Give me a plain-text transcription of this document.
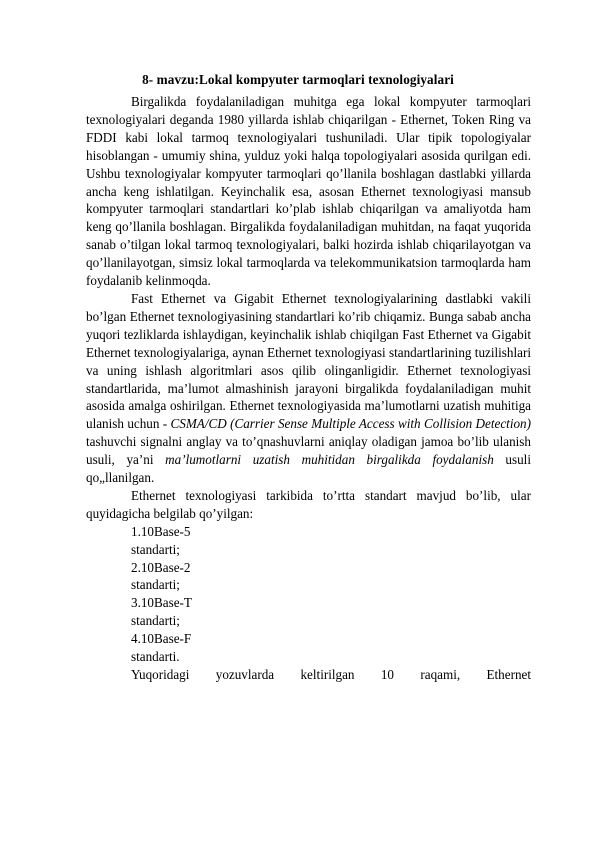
8- mavzu:Lokal kompyuter tarmoqlari texnologiyalari

Birgalikda foydalaniladigan muhitga ega lokal kompyuter tarmoqlari texnologiyalari deganda 1980 yillarda ishlab chiqarilgan - Ethernet, Token Ring va FDDI kabi lokal tarmoq texnologiyalari tushuniladi. Ular tipik topologiyalar hisoblangan - umumiy shina, yulduz yoki halqa topologiyalari asosida qurilgan edi. Ushbu texnologiyalar kompyuter tarmoqlari qo’llanila boshlagan dastlabki yillarda ancha keng ishlatilgan. Keyinchalik esa, asosan Ethernet texnologiyasi mansub kompyuter tarmoqlari standartlari ko’plab ishlab chiqarilgan va amaliyotda ham keng qo’llanila boshlagan. Birgalikda foydalaniladigan muhitdan, na faqat yuqorida sanab o’tilgan lokal tarmoq texnologiyalari, balki hozirda ishlab chiqarilayotgan va qo’llanilayotgan, simsiz lokal tarmoqlarda va telekommunikatsion tarmoqlarda ham foydalanib kelinmoqda.

Fast Ethernet va Gigabit Ethernet texnologiyalarining dastlabki vakili bo’lgan Ethernet texnologiyasining standartlari ko’rib chiqamiz. Bunga sabab ancha yuqori tezliklarda ishlaydigan, keyinchalik ishlab chiqilgan Fast Ethernet va Gigabit Ethernet texnologiyalariga, aynan Ethernet texnologiyasi standartlarining tuzilishlari va uning ishlash algoritmlari asos qilib olinganligidir. Ethernet texnologiyasi standartlarida, ma’lumot almashinish jarayoni birgalikda foydalaniladigan muhit asosida amalga oshirilgan. Ethernet texnologiyasida ma’lumotlarni uzatish muhitiga ulanish uchun - CSMA/CD (Carrier Sense Multiple Access with Collision Detection) tashuvchi signalni anglay va to’qnashuvlarni aniqlay oladigan jamoa bo’lib ulanish usuli, ya’ni ma’lumotlarni uzatish muhitidan birgalikda foydalanish usuli qo„llanilgan.

Ethernet texnologiyasi tarkibida to’rtta standart mavjud bo’lib, ular quyidagicha belgilab qo’yilgan:

1.10Base-5
standarti;
2.10Base-2
standarti;
3.10Base-T
standarti;
4.10Base-F
standarti.

Yuqoridagi yozuvlarda keltirilgan 10 raqami, Ethernet
